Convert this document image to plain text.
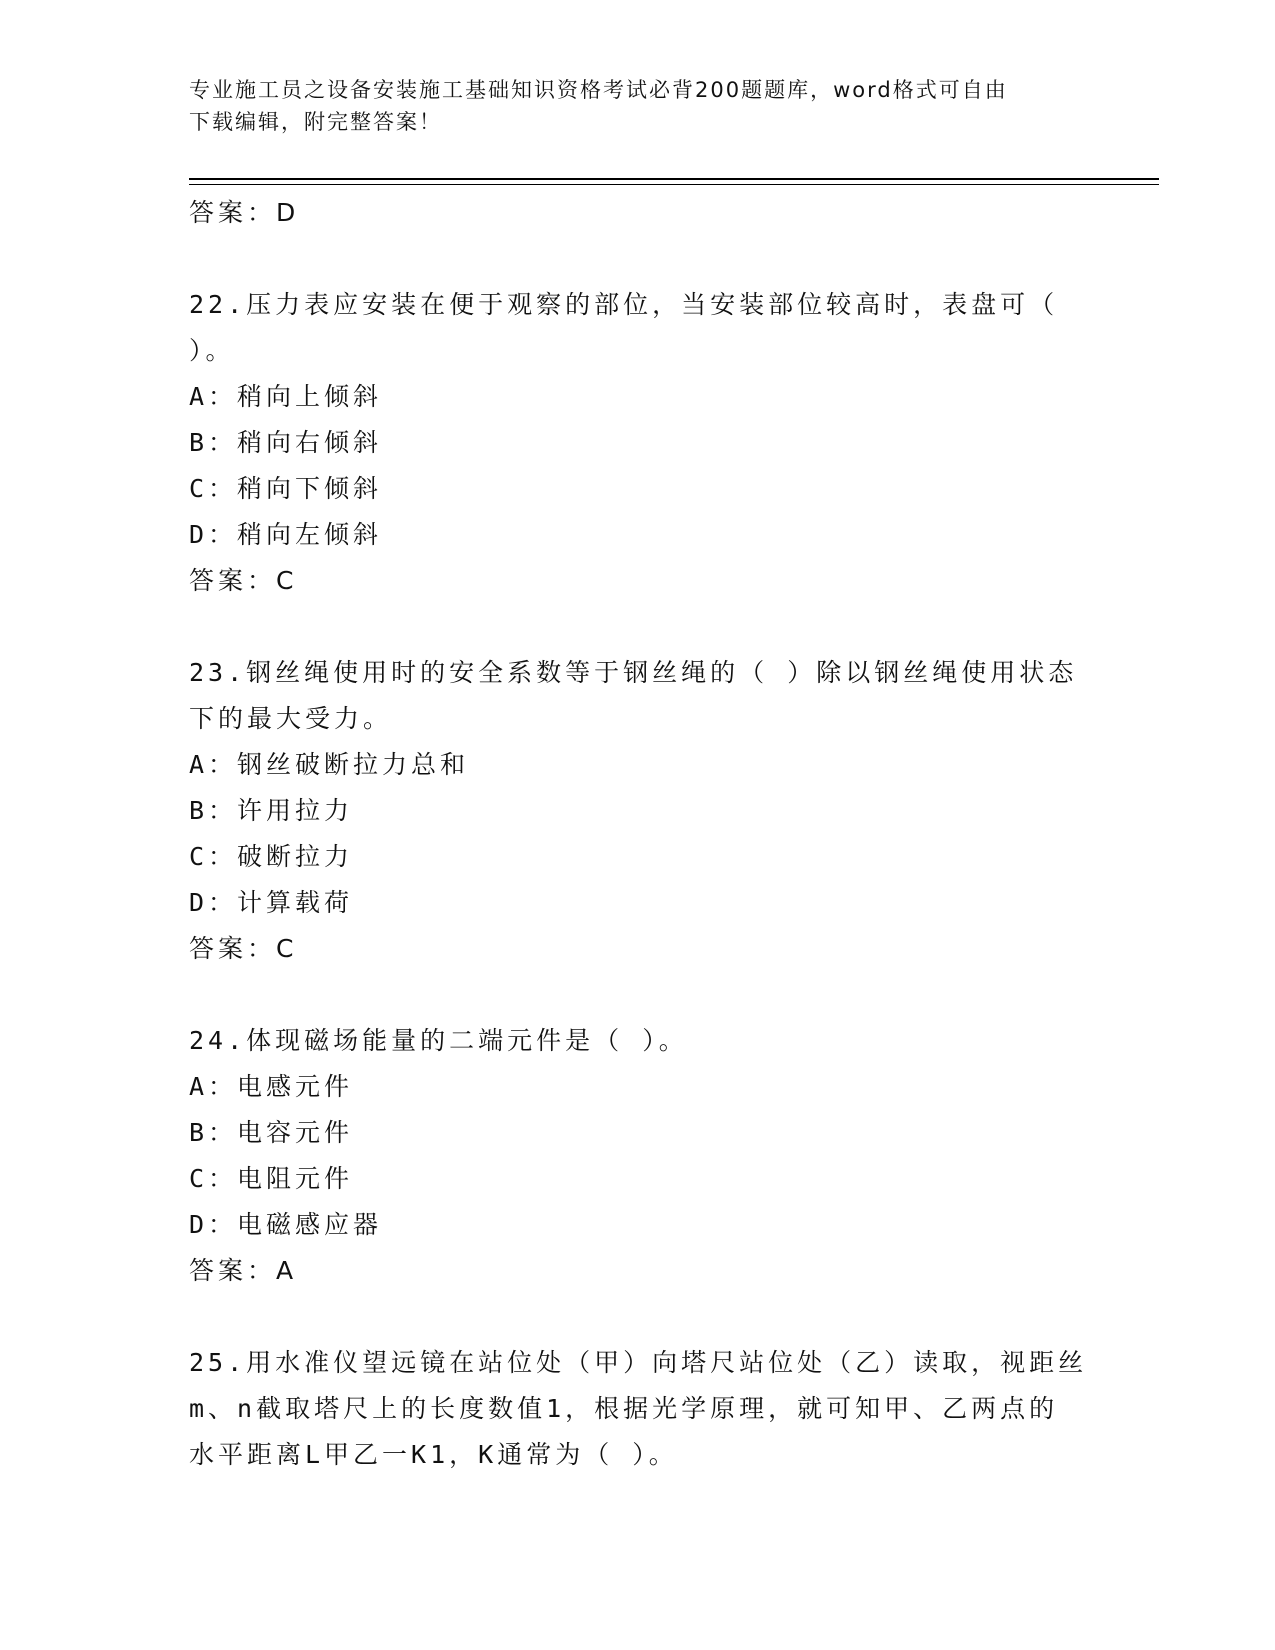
专业施工员之设备安装施工基础知识资格考试必背200题题库，word格式可自由
下载编辑，附完整答案！
答案：D
22.压力表应安装在便于观察的部位，当安装部位较高时，表盘可（
）。
A：稍向上倾斜
B：稍向右倾斜
C：稍向下倾斜
D：稍向左倾斜
答案：C
23.钢丝绳使用时的安全系数等于钢丝绳的（ ）除以钢丝绳使用状态
下的最大受力。
A：钢丝破断拉力总和
B：许用拉力
C：破断拉力
D：计算载荷
答案：C
24.体现磁场能量的二端元件是（ ）。
A：电感元件
B：电容元件
C：电阻元件
D：电磁感应器
答案：A
25.用水准仪望远镜在站位处（甲）向塔尺站位处（乙）读取，视距丝
m、n截取塔尺上的长度数值1，根据光学原理，就可知甲、乙两点的
水平距离L甲乙一K1，K通常为（ ）。
